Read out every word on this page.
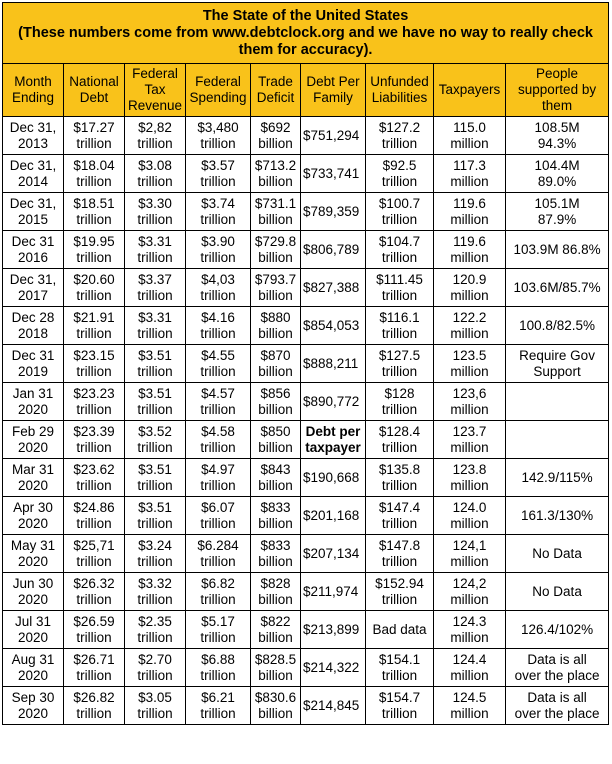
The State of the United States
(These numbers come from www.debtclock.org and we have no way to really check
them for accuracy).								

Month
Ending	National
Debt	Federal
Tax
Revenue	Federal
Spending	Trade
Deficit	Debt Per
Family	Unfunded
Liabilities	Taxpayers	People
supported by
them

Dec 31,
2013	$17.27
trillion	$2,82
trillion	$3,480
trillion	$692
billion	$751,294	$127.2
trillion	115.0
million	108.5M
94.3%

Dec 31,
2014	$18.04
trillion	$3.08
trillion	$3.57
trillion	$713.2
billion	$733,741	$92.5
trillion	117.3
million	104.4M
89.0%

Dec 31,
2015	$18.51
trillion	$3.30
trillion	$3.74
trillion	$731.1
billion	$789,359	$100.7
trillion	119.6
million	105.1M
87.9%

Dec 31
2016	$19.95
trillion	$3.31
trillion	$3.90
trillion	$729.8
billion	$806,789	$104.7
trillion	119.6
million	103.9M 86.8%

Dec 31,
2017	$20.60
trillion	$3.37
trillion	$4,03
trillion	$793.7
billion	$827,388	$111.45
trillion	120.9
million	103.6M/85.7%

Dec 28
2018	$21.91
trillion	$3.31
trillion	$4.16
trillion	$880
billion	$854,053	$116.1
trillion	122.2
million	100.8/82.5%

Dec 31
2019	$23.15
trillion	$3.51
trillion	$4.55
trillion	$870
billion	$888,211	$127.5
trillion	123.5
million	Require Gov
Support

Jan 31
2020	$23.23
trillion	$3.51
trillion	$4.57
trillion	$856
billion	$890,772	$128
trillion	123,6
million	

Feb 29
2020	$23.39
trillion	$3.52
trillion	$4.58
trillion	$850
billion	Debt per
taxpayer	$128.4
trillion	123.7
million	

Mar 31
2020	$23.62
trillion	$3.51
trillion	$4.97
trillion	$843
billion	$190,668	$135.8
trillion	123.8
million	142.9/115%

Apr 30
2020	$24.86
trillion	$3.51
trillion	$6.07
trillion	$833
billion	$201,168	$147.4
trillion	124.0
million	161.3/130%

May 31
2020	$25,71
trillion	$3.24
trillion	$6.284
trillion	$833
billion	$207,134	$147.8
trillion	124,1
million	No Data

Jun 30
2020	$26.32
trillion	$3.32
trillion	$6.82
trillion	$828
billion	$211,974	$152.94
trillion	124,2
million	No Data

Jul 31
2020	$26.59
trillion	$2.35
trillion	$5.17
trillion	$822
billion	$213,899	Bad data	124.3
million	126.4/102%

Aug 31
2020	$26.71
trillion	$2.70
trillion	$6.88
trillion	$828.5
billion	$214,322	$154.1
trillion	124.4
million	Data is all
over the place

Sep 30
2020	$26.82
trillion	$3.05
trillion	$6.21
trillion	$830.6
billion	$214,845	$154.7
trillion	124.5
million	Data is all
over the place
